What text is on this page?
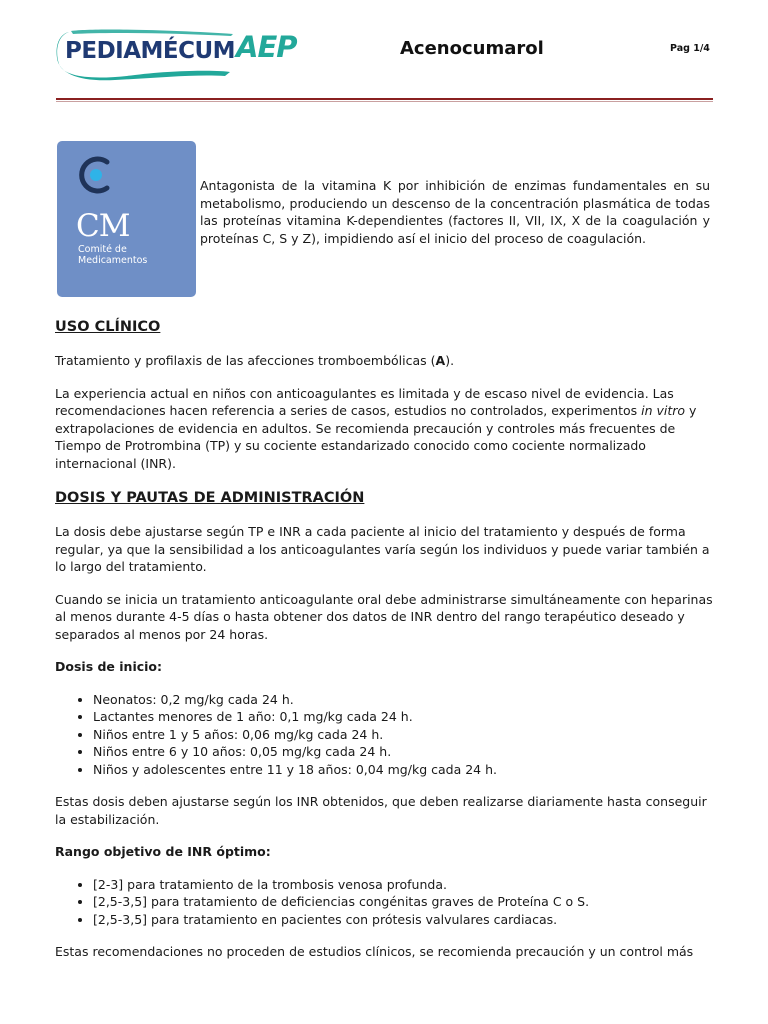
PEDIAMÉCUM AEP	Acenocumarol	Pag 1/4
CM
Comité de
Medicamentos
Antagonista de la vitamina K por inhibición de enzimas fundamentales en su metabolismo, produciendo un descenso de la concentración plasmática de todas las proteínas vitamina K-dependientes (factores II, VII, IX, X de la coagulación y proteínas C, S y Z), impidiendo así el inicio del proceso de coagulación.
USO CLÍNICO

Tratamiento y profilaxis de las afecciones tromboembólicas (A).

La experiencia actual en niños con anticoagulantes es limitada y de escaso nivel de evidencia. Las recomendaciones hacen referencia a series de casos, estudios no controlados, experimentos in vitro y extrapolaciones de evidencia en adultos. Se recomienda precaución y controles más frecuentes de Tiempo de Protrombina (TP) y su cociente estandarizado conocido como cociente normalizado internacional (INR).

DOSIS Y PAUTAS DE ADMINISTRACIÓN

La dosis debe ajustarse según TP e INR a cada paciente al inicio del tratamiento y después de forma regular, ya que la sensibilidad a los anticoagulantes varía según los individuos y puede variar también a lo largo del tratamiento.

Cuando se inicia un tratamiento anticoagulante oral debe administrarse simultáneamente con heparinas al menos durante 4-5 días o hasta obtener dos datos de INR dentro del rango terapéutico deseado y separados al menos por 24 horas.

Dosis de inicio:

• Neonatos: 0,2 mg/kg cada 24 h.
• Lactantes menores de 1 año: 0,1 mg/kg cada 24 h.
• Niños entre 1 y 5 años: 0,06 mg/kg cada 24 h.
• Niños entre 6 y 10 años: 0,05 mg/kg cada 24 h.
• Niños y adolescentes entre 11 y 18 años: 0,04 mg/kg cada 24 h.

Estas dosis deben ajustarse según los INR obtenidos, que deben realizarse diariamente hasta conseguir la estabilización.

Rango objetivo de INR óptimo:

• [2-3] para tratamiento de la trombosis venosa profunda.
• [2,5-3,5] para tratamiento de deficiencias congénitas graves de Proteína C o S.
• [2,5-3,5] para tratamiento en pacientes con prótesis valvulares cardiacas.

Estas recomendaciones no proceden de estudios clínicos, se recomienda precaución y un control más
